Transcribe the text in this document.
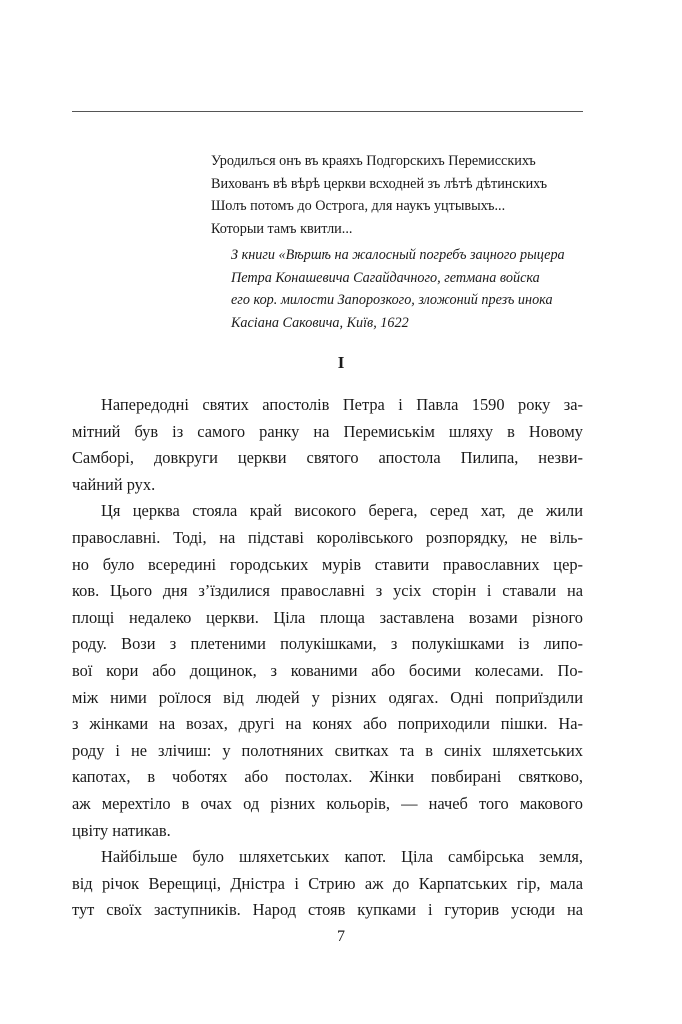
Уродилъся онъ въ краяхъ Подгорскихъ Перемисскихъ
Вихованъ вѣ вѣрѣ церкви всходней зъ лѣтѣ дѣтинскихъ
Шолъ потомъ до Острога, для наукъ уцтывыхъ...
Которыи тамъ квитли...
З книги «Вѣршѣ на жалосный погребъ зацного рыцера
Петра Конашевича Сагайдачного, гетмана войска
его кор. милости Запорозкого, зложоний презъ инока
Касіана Саковича, Київ, 1622
I
Напередодні святих апостолів Петра і Павла 1590 року за-
мітний був із самого ранку на Перемиськім шляху в Новому
Самборі, довкруги церкви святого апостола Пилипа, незви-
чайний рух.
Ця церква стояла край високого берега, серед хат, де жили
православні. Тоді, на підставі королівського розпорядку, не віль-
но було всередині городських мурів ставити православних цер-
ков. Цього дня з’їздилися православні з усіх сторін і ставали на
площі недалеко церкви. Ціла площа заставлена возами різного
роду. Вози з плетеними полукішками, з полукішками із липо-
вої кори або дощинок, з кованими або босими колесами. По-
між ними роїлося від людей у різних одягах. Одні поприїздили
з жінками на возах, другі на конях або поприходили пішки. На-
роду і не злічиш: у полотняних свитках та в синіх шляхетських
капотах, в чоботях або постолах. Жінки повбирані святково,
аж мерехтіло в очах од різних кольорів, — начеб того макового
цвіту натикав.
Найбільше було шляхетських капот. Ціла самбірська земля,
від річок Верещиці, Дністра і Стрию аж до Карпатських гір, мала
тут своїх заступників. Народ стояв купками і гуторив усюди на
7
